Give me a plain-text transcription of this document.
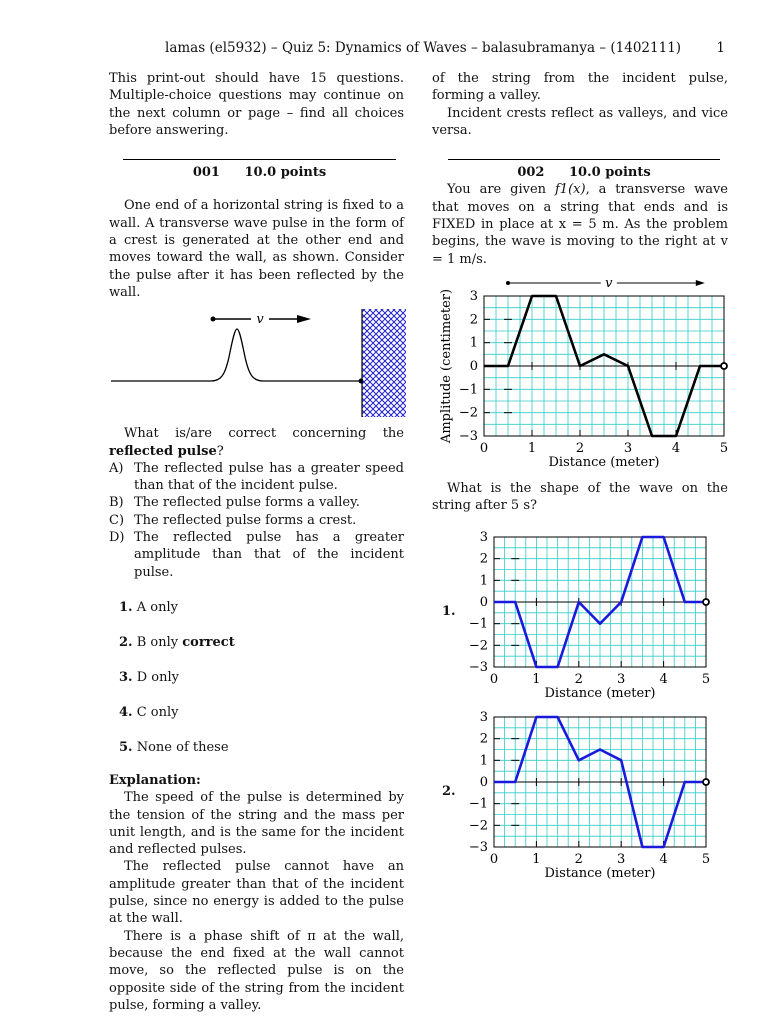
lamas (el5932) – Quiz 5: Dynamics of Waves – balasubramanya – (1402111)	1

This print-out should have 15 questions. Multiple-choice questions may continue on the next column or page – find all choices before answering.

001 10.0 points

One end of a horizontal string is fixed to a wall. A transverse wave pulse in the form of a crest is generated at the other end and moves toward the wall, as shown. Consider the pulse after it has been reflected by the wall.

v

What is/are correct concerning the reflected pulse?

A) The reflected pulse has a greater speed than that of the incident pulse.
B) The reflected pulse forms a valley.
C) The reflected pulse forms a crest.
D) The reflected pulse has a greater amplitude than that of the incident pulse.
1. A only
2. B only correct
3. D only
4. C only
5. None of these
Explanation:

The speed of the pulse is determined by the tension of the string and the mass per unit length, and is the same for the incident and reflected pulses.

The reflected pulse cannot have an amplitude greater than that of the incident pulse, since no energy is added to the pulse at the wall.

There is a phase shift of π at the wall, because the end fixed at the wall cannot move, so the reflected pulse is on the opposite side of the string from the incident pulse, forming a valley.

of the string from the incident pulse, forming a valley.

Incident crests reflect as valleys, and vice versa.

002 10.0 points

You are given f1(x), a transverse wave that moves on a string that ends and is FIXED in place at x = 5 m. As the problem begins, the wave is moving to the right at v = 1 m/s.

0	1	2	3	4	5
−3
−2
−1
0
1
2
3
Distance (meter)
Amplitude (centimeter)
v

What is the shape of the wave on the string after 5 s?

1.
0	1	2	3	4	5
−3
−2
−1
0
1
2
3
Distance (meter)
2.
0	1	2	3	4	5
−3
−2
−1
0
1
2
3
Distance (meter)
